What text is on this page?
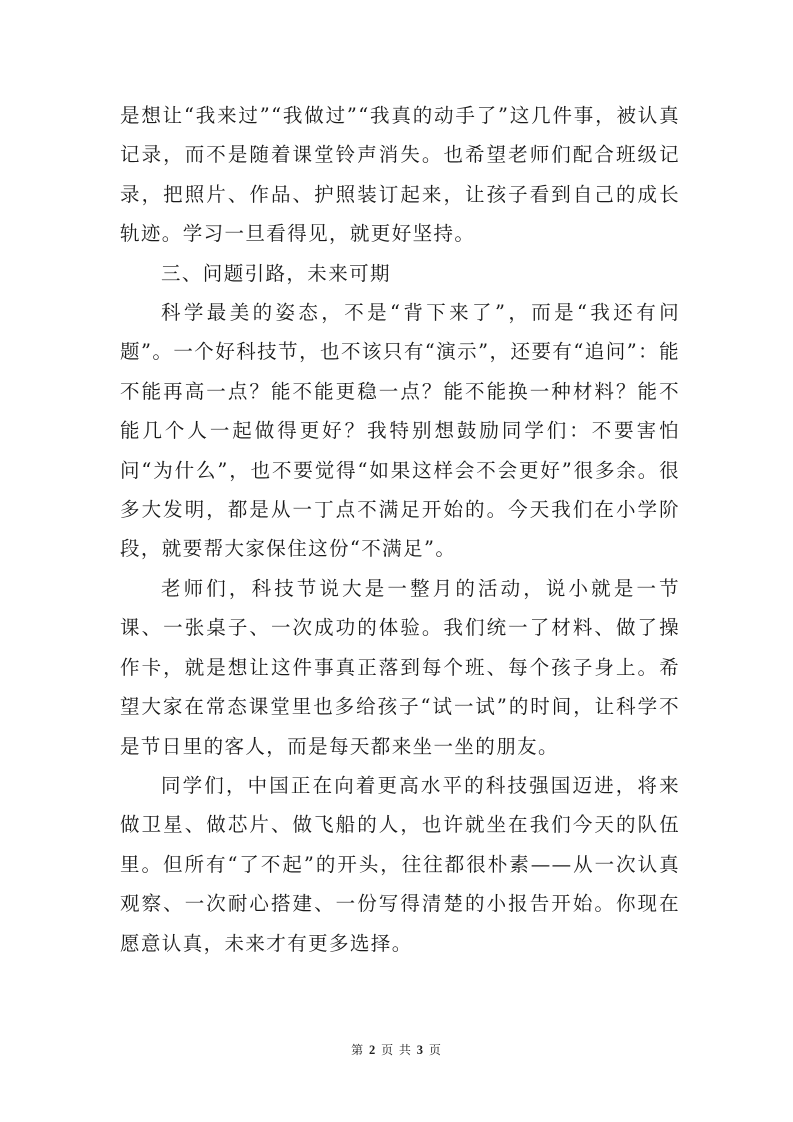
是想让“我来过”“我做过”“我真的动手了”这几件事，被认真记录，而不是随着课堂铃声消失。也希望老师们配合班级记录，把照片、作品、护照装订起来，让孩子看到自己的成长轨迹。学习一旦看得见，就更好坚持。

三、问题引路，未来可期

科学最美的姿态，不是“背下来了”，而是“我还有问题”。一个好科技节，也不该只有“演示”，还要有“追问”：能不能再高一点？能不能更稳一点？能不能换一种材料？能不能几个人一起做得更好？我特别想鼓励同学们：不要害怕问“为什么”，也不要觉得“如果这样会不会更好”很多余。很多大发明，都是从一丁点不满足开始的。今天我们在小学阶段，就要帮大家保住这份“不满足”。

老师们，科技节说大是一整月的活动，说小就是一节课、一张桌子、一次成功的体验。我们统一了材料、做了操作卡，就是想让这件事真正落到每个班、每个孩子身上。希望大家在常态课堂里也多给孩子“试一试”的时间，让科学不是节日里的客人，而是每天都来坐一坐的朋友。

同学们，中国正在向着更高水平的科技强国迈进，将来做卫星、做芯片、做飞船的人，也许就坐在我们今天的队伍里。但所有“了不起”的开头，往往都很朴素——从一次认真观察、一次耐心搭建、一份写得清楚的小报告开始。你现在愿意认真，未来才有更多选择。

第 2 页 共 3 页
